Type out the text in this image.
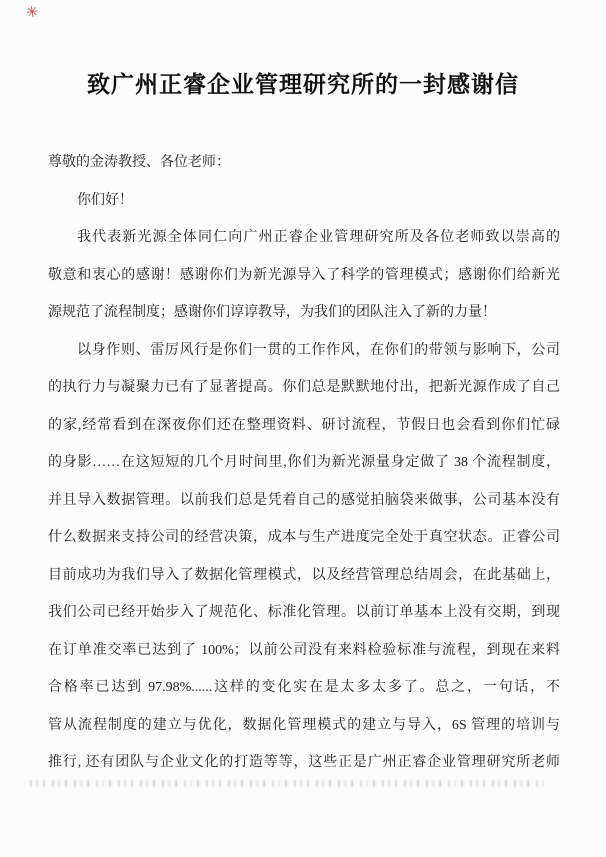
✳
致广州正睿企业管理研究所的一封感谢信
尊敬的金涛教授、各位老师：
你们好！
我代表新光源全体同仁向广州正睿企业管理研究所及各位老师致以崇高的
敬意和衷心的感谢！感谢你们为新光源导入了科学的管理模式；感谢你们给新光
源规范了流程制度；感谢你们谆谆教导，为我们的团队注入了新的力量！
以身作则、雷厉风行是你们一贯的工作作风，在你们的带领与影响下，公司
的执行力与凝聚力已有了显著提高。你们总是默默地付出，把新光源作成了自己
的家,经常看到在深夜你们还在整理资料、研讨流程，节假日也会看到你们忙碌
的身影……在这短短的几个月时间里,你们为新光源量身定做了 38 个流程制度，
并且导入数据管理。以前我们总是凭着自己的感觉拍脑袋来做事，公司基本没有
什么数据来支持公司的经营决策，成本与生产进度完全处于真空状态。正睿公司
目前成功为我们导入了数据化管理模式，以及经营管理总结周会，在此基础上，
我们公司已经开始步入了规范化、标准化管理。以前订单基本上没有交期，到现
在订单准交率已达到了 100%；以前公司没有来料检验标准与流程，到现在来料
合格率已达到 97.98%......这样的变化实在是太多太多了。总之，一句话，不
管从流程制度的建立与优化，数据化管理模式的建立与导入，6S 管理的培训与
推行, 还有团队与企业文化的打造等等，这些正是广州正睿企业管理研究所老师
